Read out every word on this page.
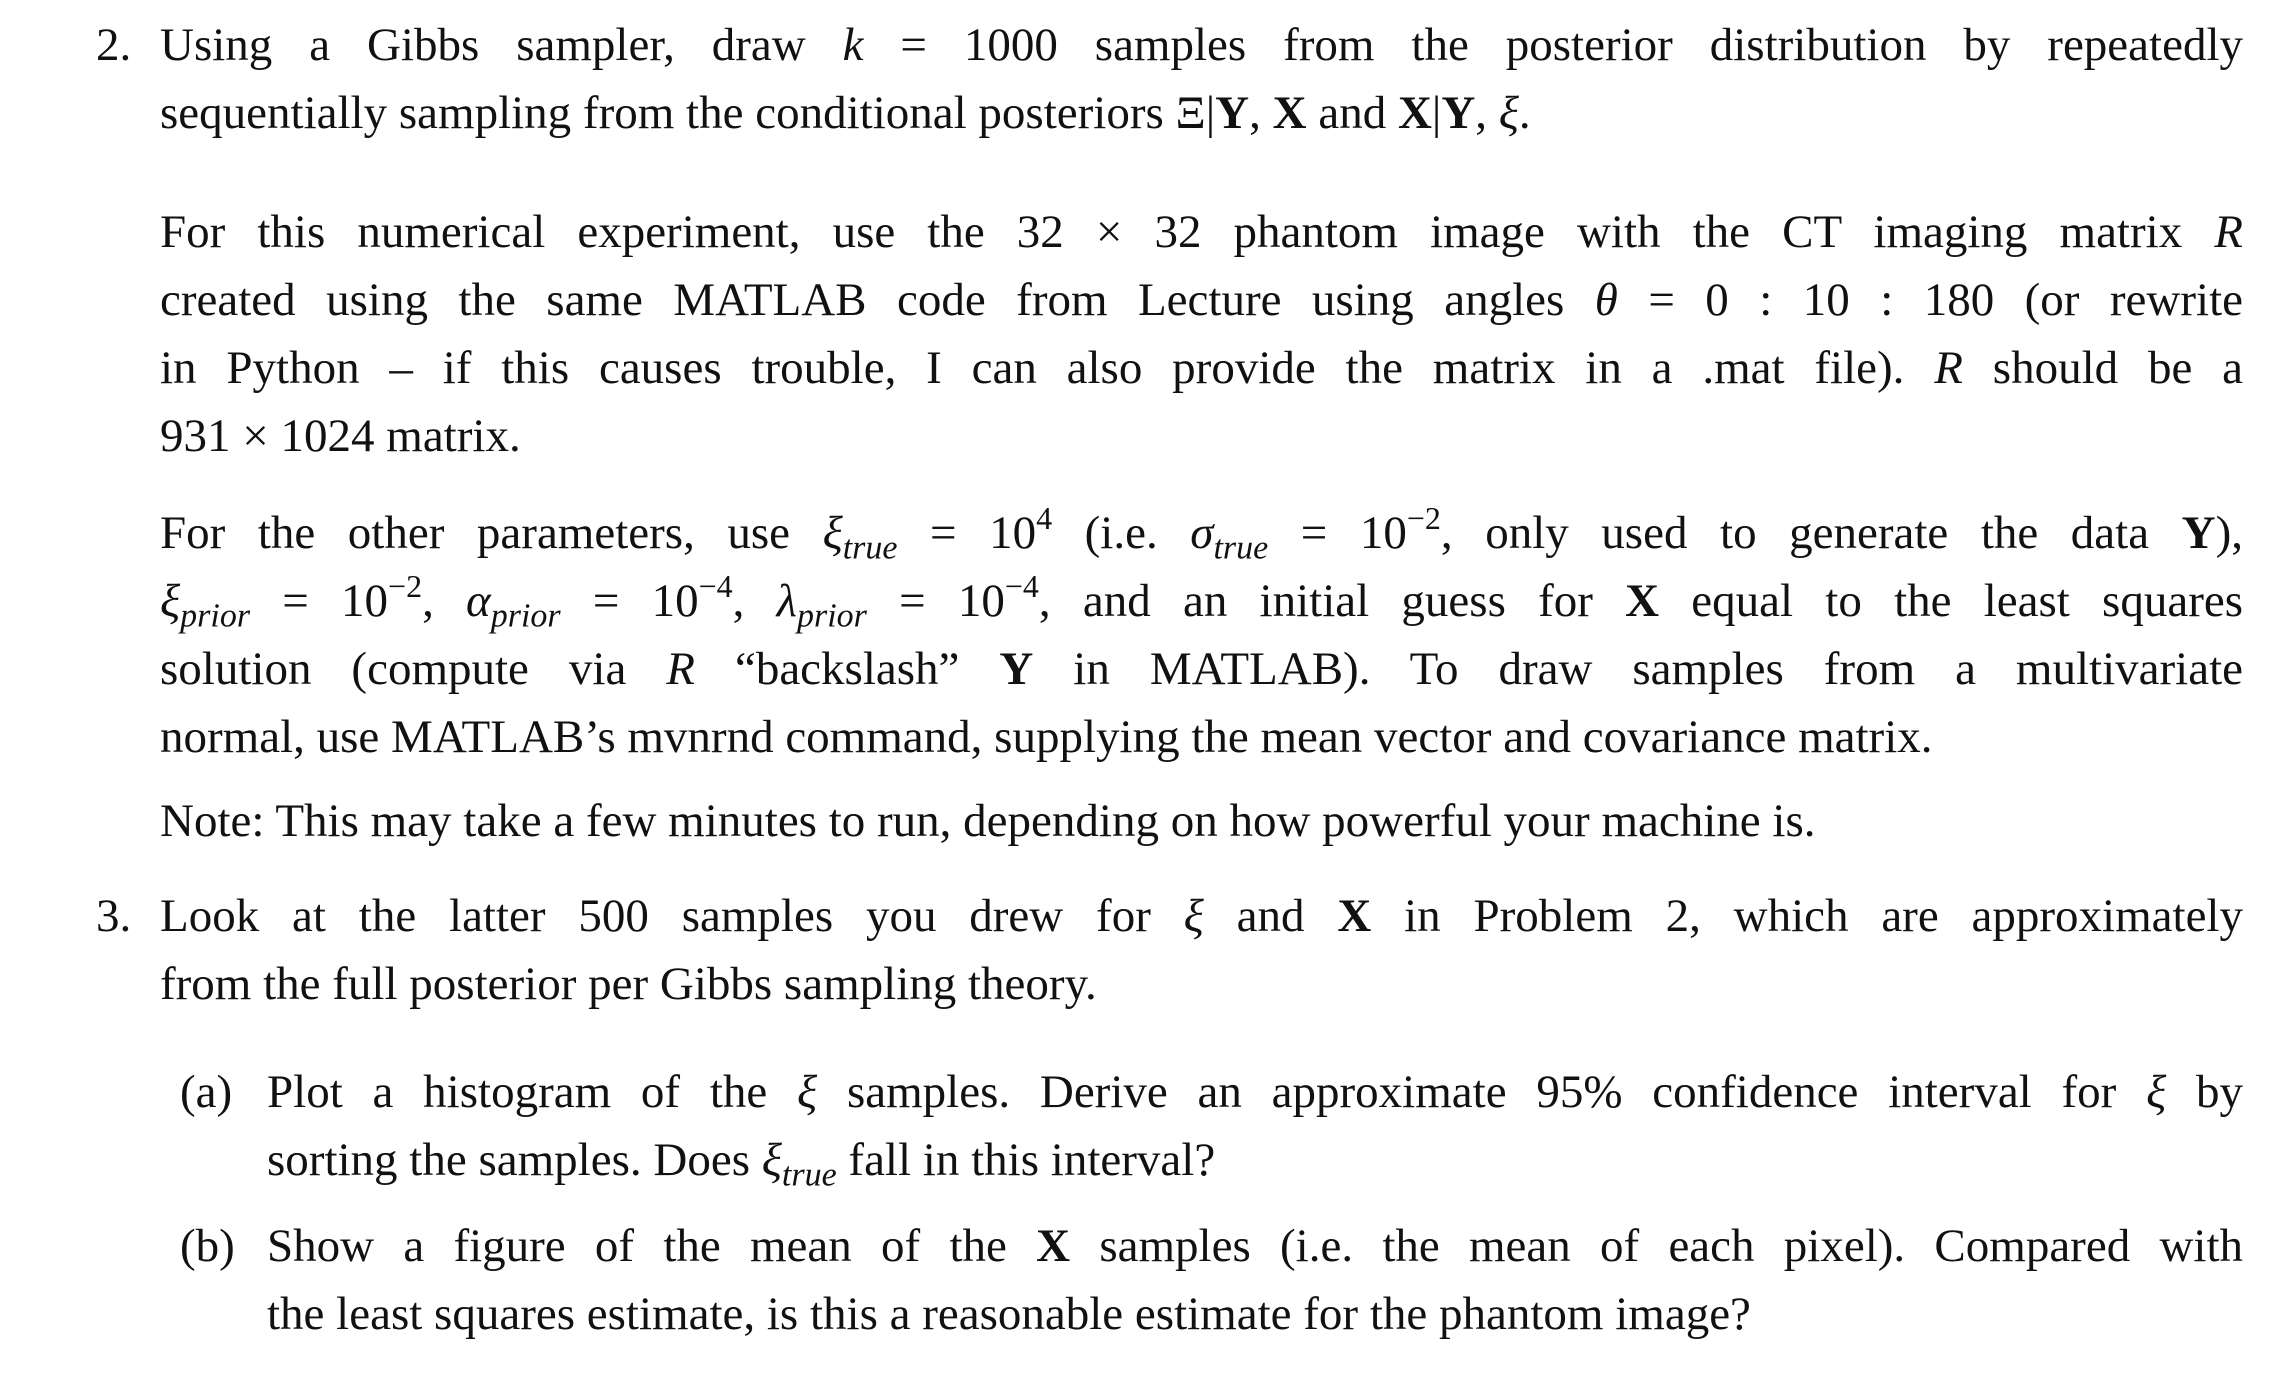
2. Using a Gibbs sampler, draw k = 1000 samples from the posterior distribution by repeatedly
sequentially sampling from the conditional posteriors Ξ|Y, X and X|Y, ξ.
For this numerical experiment, use the 32 × 32 phantom image with the CT imaging matrix R
created using the same MATLAB code from Lecture using angles θ = 0 : 10 : 180 (or rewrite
in Python – if this causes trouble, I can also provide the matrix in a .mat file). R should be a
931 × 1024 matrix.
For the other parameters, use $\xi_{true} = 10^4$ (i.e. $\sigma_{true} = 10^{-2}$, only used to generate the data Y),
$\xi_{prior} = 10^{-2}$, $\alpha_{prior} = 10^{-4}$, $\lambda_{prior} = 10^{-4}$, and an initial guess for X equal to the least squares
solution (compute via R “backslash” Y in MATLAB). To draw samples from a multivariate
normal, use MATLAB’s mvnrnd command, supplying the mean vector and covariance matrix.
Note: This may take a few minutes to run, depending on how powerful your machine is.
3. Look at the latter 500 samples you drew for ξ and X in Problem 2, which are approximately
from the full posterior per Gibbs sampling theory.
(a) Plot a histogram of the ξ samples. Derive an approximate 95% confidence interval for ξ by
sorting the samples. Does $\xi_{true}$ fall in this interval?
(b) Show a figure of the mean of the X samples (i.e. the mean of each pixel). Compared with
the least squares estimate, is this a reasonable estimate for the phantom image?
